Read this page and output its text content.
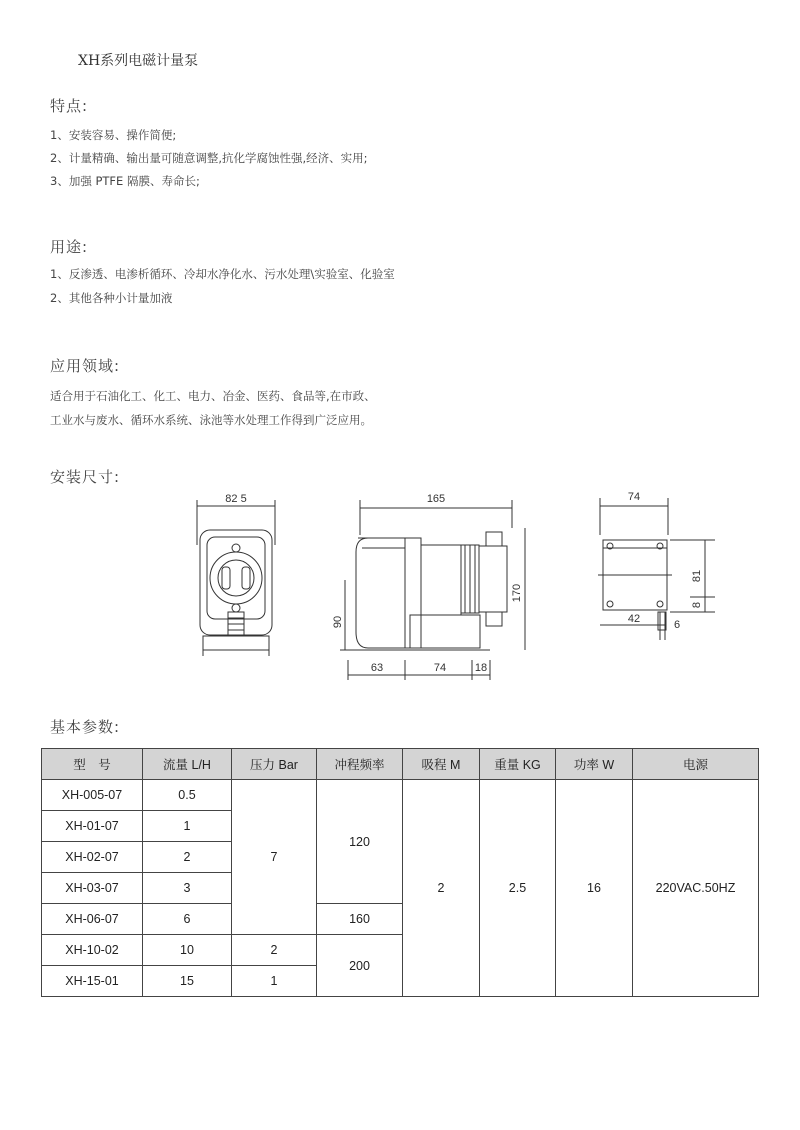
XH系列电磁计量泵
特点:
1、安装容易、操作简便;
2、计量精确、输出量可随意调整,抗化学腐蚀性强,经济、实用;
3、加强 PTFE 隔膜、寿命长;
用途:
1、反渗透、电渗析循环、冷却水净化水、污水处理\实验室、化验室
2、其他各种小计量加液
应用领域:
适合用于石油化工、化工、电力、冶金、医药、食品等,在市政、
工业水与废水、循环水系统、泳池等水处理工作得到广泛应用。
安装尺寸:
82 5	165
170
90
63	74	18
74
81
8
42	6
基本参数:
型　号	流量 L/H	压力 Bar	冲程频率	吸程 M	重量 KG	功率 W	电源
XH-005-07	0.5	7	120	2	2.5	16	220VAC.50HZ
XH-01-07	1						
XH-02-07	2						
XH-03-07	3						
XH-06-07	6		160				
XH-10-02	10	2	200				
XH-15-01	15	1					
